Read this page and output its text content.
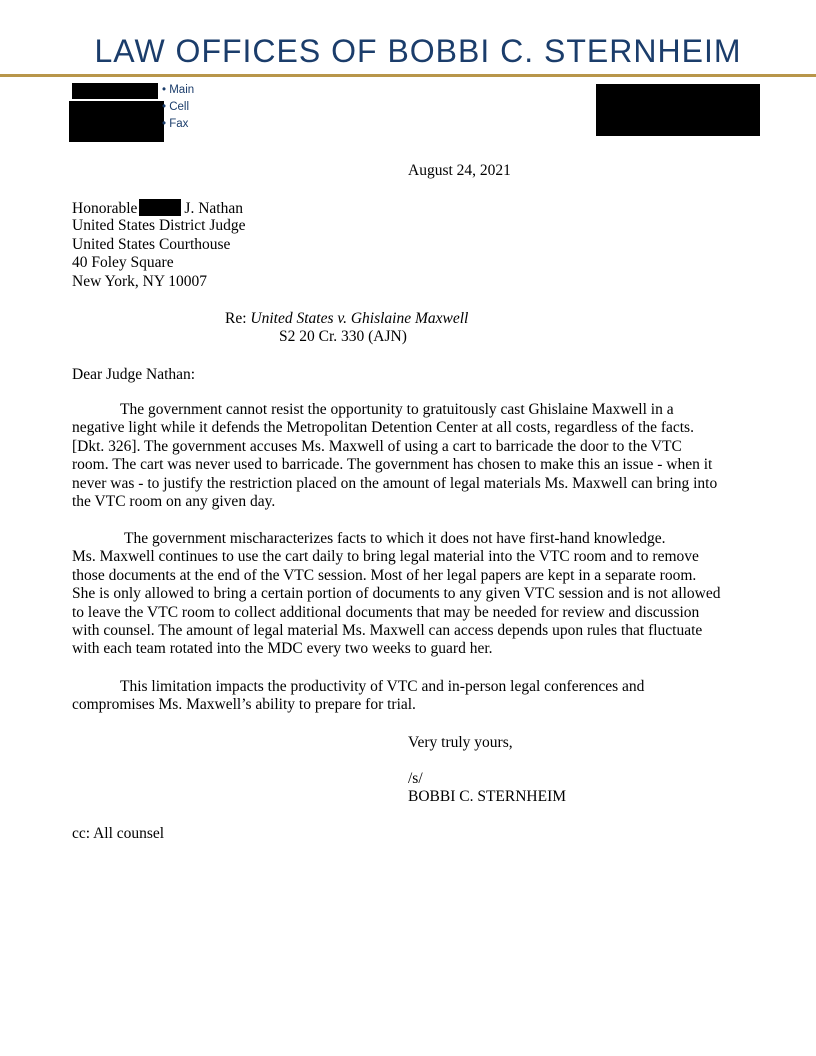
LAW OFFICES OF BOBBI C. STERNHEIM
• Main
• Cell
• Fax
August 24, 2021
Honorable	J. Nathan
United States District Judge
United States Courthouse
40 Foley Square
New York, NY 10007
Re: United States v. Ghislaine Maxwell
S2 20 Cr. 330 (AJN)
Dear Judge Nathan:
The government cannot resist the opportunity to gratuitously cast Ghislaine Maxwell in a
negative light while it defends the Metropolitan Detention Center at all costs, regardless of the facts.
[Dkt. 326]. The government accuses Ms. Maxwell of using a cart to barricade the door to the VTC
room. The cart was never used to barricade. The government has chosen to make this an issue - when it
never was - to justify the restriction placed on the amount of legal materials Ms. Maxwell can bring into
the VTC room on any given day.
The government mischaracterizes facts to which it does not have first-hand knowledge.
Ms. Maxwell continues to use the cart daily to bring legal material into the VTC room and to remove
those documents at the end of the VTC session. Most of her legal papers are kept in a separate room.
She is only allowed to bring a certain portion of documents to any given VTC session and is not allowed
to leave the VTC room to collect additional documents that may be needed for review and discussion
with counsel. The amount of legal material Ms. Maxwell can access depends upon rules that fluctuate
with each team rotated into the MDC every two weeks to guard her.
This limitation impacts the productivity of VTC and in-person legal conferences and
compromises Ms. Maxwell’s ability to prepare for trial.
Very truly yours,
/s/
BOBBI C. STERNHEIM
cc: All counsel
